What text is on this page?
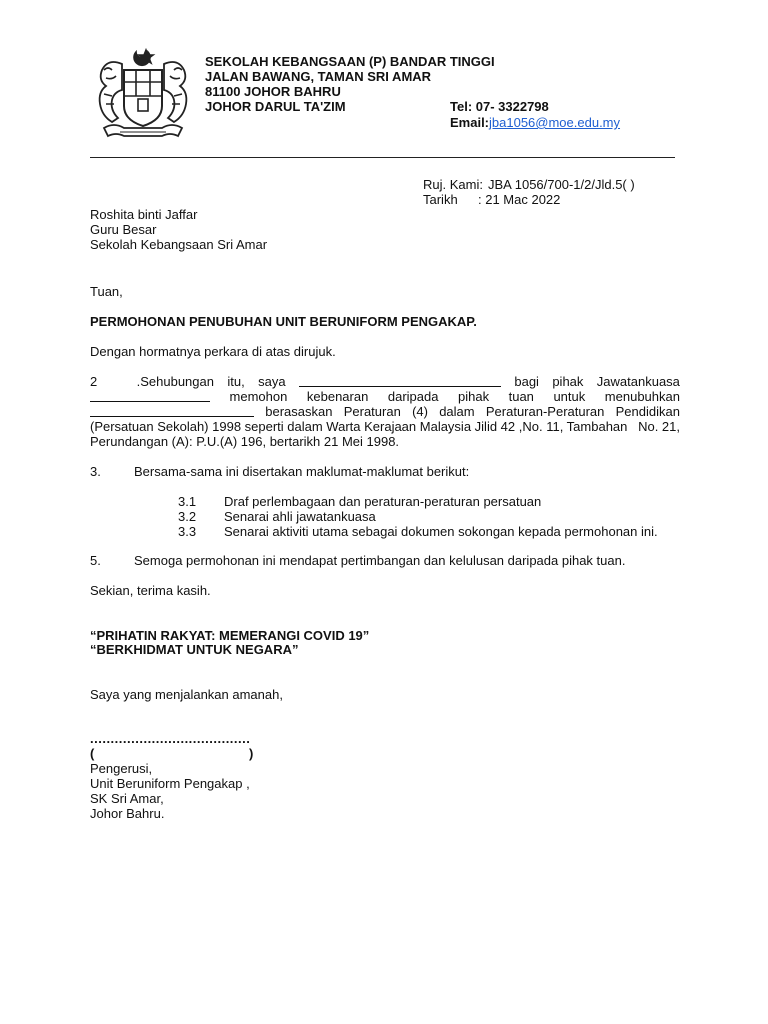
SEKOLAH KEBANGSAAN (P) BANDAR TINGGI
JALAN BAWANG, TAMAN SRI AMAR
81100 JOHOR BAHRU
JOHOR DARUL TA'ZIM	Tel: 07- 3322798
Email:jba1056@moe.edu.my
Ruj. Kami: JBA 1056/700-1/2/Jld.5( )
Tarikh : 21 Mac 2022
Roshita binti Jaffar
Guru Besar
Sekolah Kebangsaan Sri Amar
Tuan,
PERMOHONAN PENUBUHAN UNIT BERUNIFORM PENGAKAP.
Dengan hormatnya perkara di atas dirujuk.
2	.Sehubungan itu, saya	bagi pihak Jawatankuasa
memohon kebenaran daripada pihak tuan untuk menubuhkan
berasaskan Peraturan (4) dalam Peraturan-Peraturan Pendidikan
(Persatuan Sekolah) 1998 seperti dalam Warta Kerajaan Malaysia Jilid 42 ,No. 11, Tambahan No. 21,
Perundangan (A): P.U.(A) 196, bertarikh 21 Mei 1998.
3.	Bersama-sama ini disertakan maklumat-maklumat berikut:
3.1 Draf perlembagaan dan peraturan-peraturan persatuan
3.2 Senarai ahli jawatankuasa
3.3 Senarai aktiviti utama sebagai dokumen sokongan kepada permohonan ini.
5.	Semoga permohonan ini mendapat pertimbangan dan kelulusan daripada pihak tuan.
Sekian, terima kasih.
“PRIHATIN RAKYAT: MEMERANGI COVID 19”
“BERKHIDMAT UNTUK NEGARA”
Saya yang menjalankan amanah,
.......................................
(	)
Pengerusi,
Unit Beruniform Pengakap ,
SK Sri Amar,
Johor Bahru.
